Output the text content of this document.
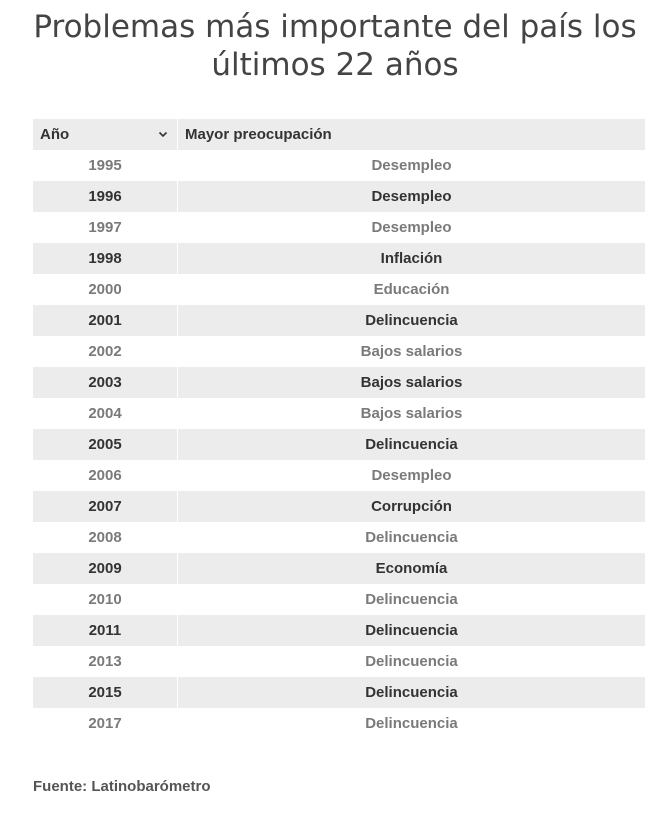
Problemas más importante del país los últimos 22 años
Año	Mayor preocupación
1995	Desempleo
1996	Desempleo
1997	Desempleo
1998	Inflación
2000	Educación
2001	Delincuencia
2002	Bajos salarios
2003	Bajos salarios
2004	Bajos salarios
2005	Delincuencia
2006	Desempleo
2007	Corrupción
2008	Delincuencia
2009	Economía
2010	Delincuencia
2011	Delincuencia
2013	Delincuencia
2015	Delincuencia
2017	Delincuencia
Fuente: Latinobarómetro
